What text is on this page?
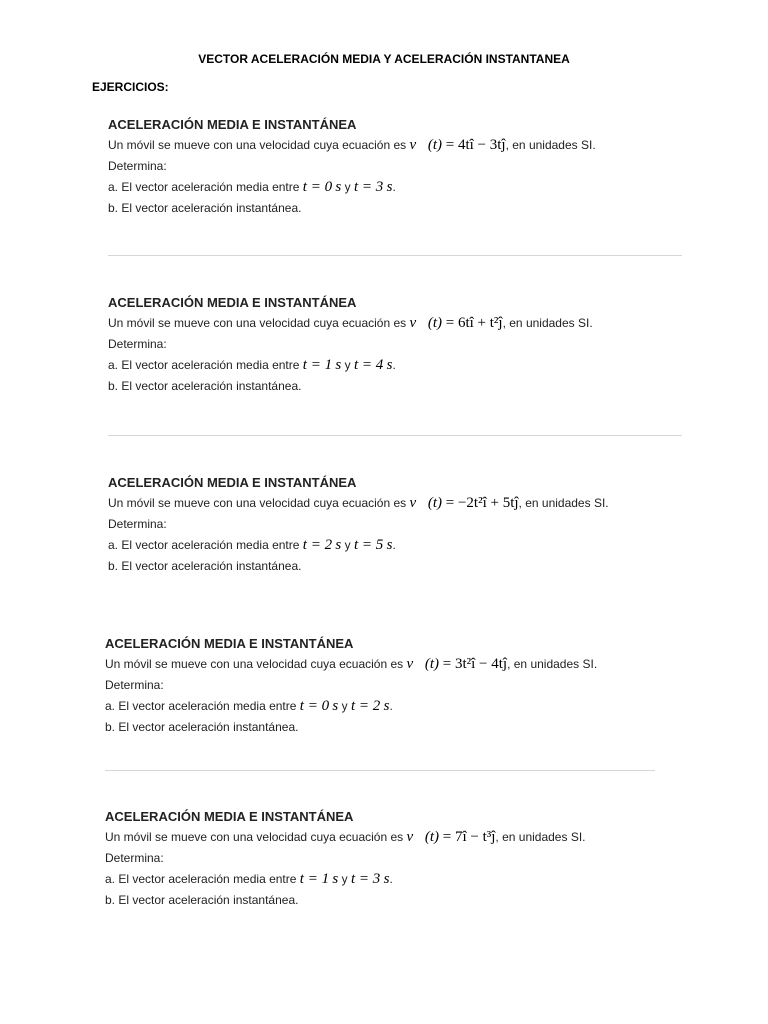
VECTOR ACELERACIÓN MEDIA Y ACELERACIÓN INSTANTANEA
EJERCICIOS:
ACELERACIÓN MEDIA E INSTANTÁNEA
Un móvil se mueve con una velocidad cuya ecuación es v⃗(t) = 4tî − 3tĵ, en unidades SI.
Determina:
a. El vector aceleración media entre t = 0 s y t = 3 s.
b. El vector aceleración instantánea.
ACELERACIÓN MEDIA E INSTANTÁNEA
Un móvil se mueve con una velocidad cuya ecuación es v⃗(t) = 6tî + t²ĵ, en unidades SI.
Determina:
a. El vector aceleración media entre t = 1 s y t = 4 s.
b. El vector aceleración instantánea.
ACELERACIÓN MEDIA E INSTANTÁNEA
Un móvil se mueve con una velocidad cuya ecuación es v⃗(t) = −2t²î + 5tĵ, en unidades SI.
Determina:
a. El vector aceleración media entre t = 2 s y t = 5 s.
b. El vector aceleración instantánea.
ACELERACIÓN MEDIA E INSTANTÁNEA
Un móvil se mueve con una velocidad cuya ecuación es v⃗(t) = 3t²î − 4tĵ, en unidades SI.
Determina:
a. El vector aceleración media entre t = 0 s y t = 2 s.
b. El vector aceleración instantánea.
ACELERACIÓN MEDIA E INSTANTÁNEA
Un móvil se mueve con una velocidad cuya ecuación es v⃗(t) = 7î − t³ĵ, en unidades SI.
Determina:
a. El vector aceleración media entre t = 1 s y t = 3 s.
b. El vector aceleración instantánea.
